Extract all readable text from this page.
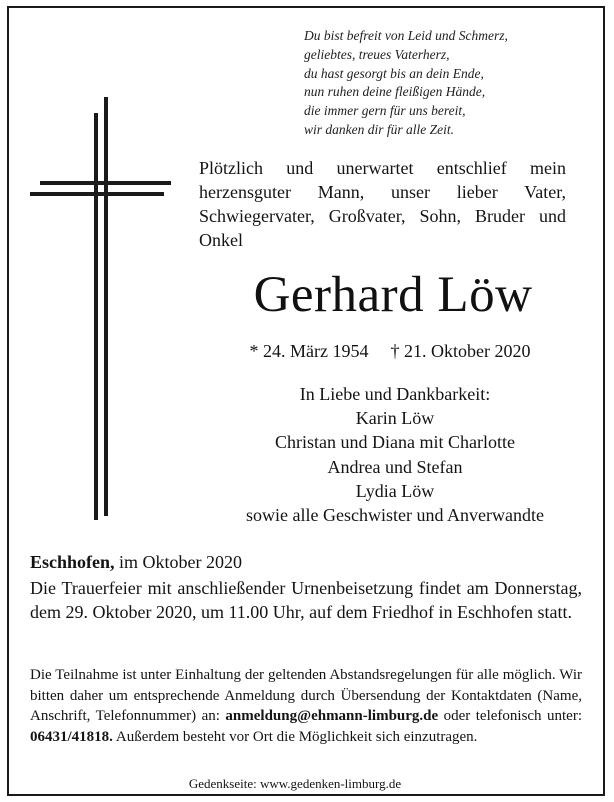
Du bist befreit von Leid und Schmerz,
geliebtes, treues Vaterherz,
du hast gesorgt bis an dein Ende,
nun ruhen deine fleißigen Hände,
die immer gern für uns bereit,
wir danken dir für alle Zeit.
Plötzlich und unerwartet entschlief mein herzensguter Mann, unser lieber Vater, Schwiegervater, Großvater, Sohn, Bruder und Onkel
Gerhard Löw
* 24. März 1954 † 21. Oktober 2020
In Liebe und Dankbarkeit:
Karin Löw
Christan und Diana mit Charlotte
Andrea und Stefan
Lydia Löw
sowie alle Geschwister und Anverwandte
Eschhofen, im Oktober 2020
Die Trauerfeier mit anschließender Urnenbeisetzung findet am Donnerstag, dem 29. Oktober 2020, um 11.00 Uhr, auf dem Friedhof in Eschhofen statt.
Die Teilnahme ist unter Einhaltung der geltenden Abstandsregelungen für alle möglich. Wir bitten daher um entsprechende Anmeldung durch Übersendung der Kontaktdaten (Name, Anschrift, Telefonnummer) an: anmeldung@ehmann-limburg.de oder telefonisch unter: 06431/41818. Außerdem besteht vor Ort die Möglichkeit sich einzutragen.
Gedenkseite: www.gedenken-limburg.de
